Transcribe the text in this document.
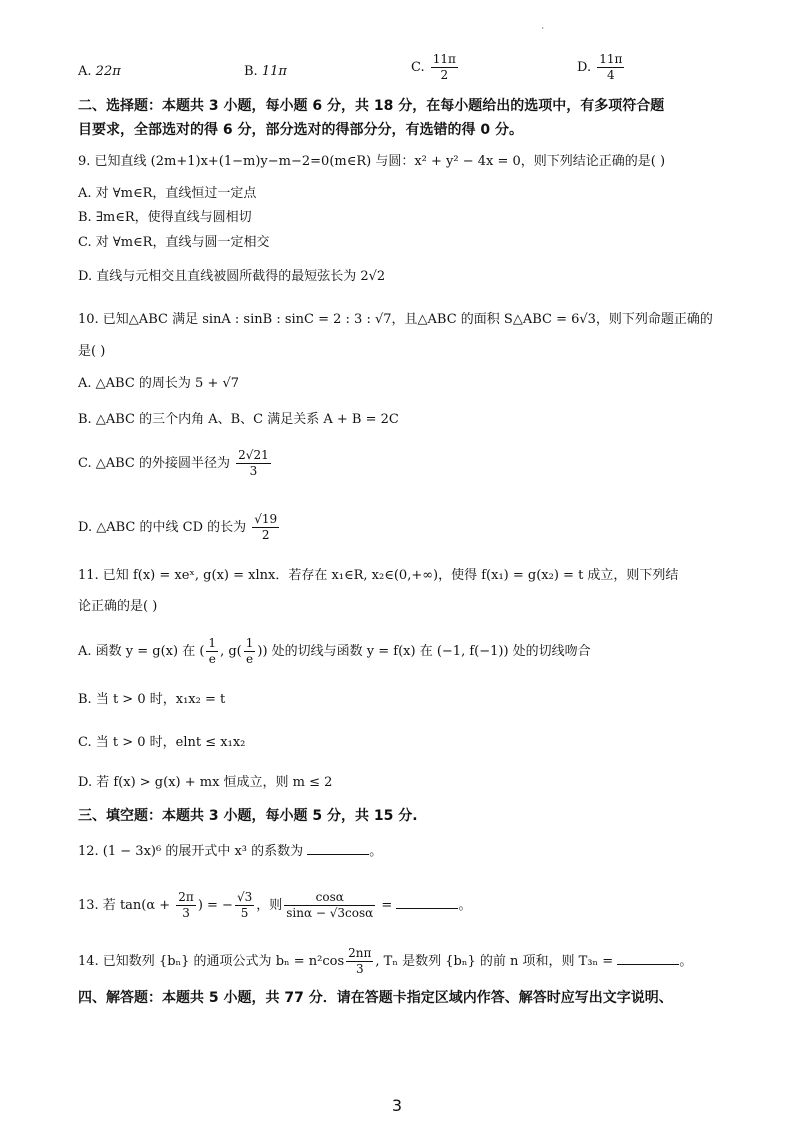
·
A. 22π	B. 11π	C. $\frac{11\pi}{2}$	D. $\frac{11\pi}{4}$
二、选择题：本题共 3 小题，每小题 6 分，共 18 分，在每小题给出的选项中，有多项符合题
目要求，全部选对的得 6 分，部分选对的得部分分，有选错的得 0 分。
9. 已知直线 (2m+1)x+(1−m)y−m−2=0(m∈R) 与圆：x² + y² − 4x = 0，则下列结论正确的是( )
A. 对 ∀m∈R，直线恒过一定点
B. ∃m∈R，使得直线与圆相切
C. 对 ∀m∈R，直线与圆一定相交
D. 直线与元相交且直线被圆所截得的最短弦长为 2√2
10. 已知△ABC 满足 sinA : sinB : sinC = 2 : 3 : √7，且△ABC 的面积 S△ABC = 6√3，则下列命题正确的
是( )
A. △ABC 的周长为 5 + √7
B. △ABC 的三个内角 A、B、C 满足关系 A + B = 2C
C. △ABC 的外接圆半径为 $\frac{2√21}{3}$
D. △ABC 的中线 CD 的长为 $\frac{√19}{2}$
11. 已知 f(x) = xeˣ, g(x) = xlnx．若存在 x₁∈R, x₂∈(0,+∞)，使得 f(x₁) = g(x₂) = t 成立，则下列结
论正确的是( )
A. 函数 y = g(x) 在 ( $\frac{1}{e}$ , $g( \frac{1}{e}$ )) 处的切线与函数 y = f(x) 在 (−1, f(−1)) 处的切线吻合
B. 当 t > 0 时，x₁x₂ = t
C. 当 t > 0 时，elnt ≤ x₁x₂
D. 若 f(x) > g(x) + mx 恒成立，则 m ≤ 2
三、填空题：本题共 3 小题，每小题 5 分，共 15 分.
12. (1 − 3x)⁶ 的展开式中 x³ 的系数为	。
13. 若 $\tan(\alpha + \frac{2\pi}{3}$ ) = − $\frac{√3}{5}$ ，则 $\frac{\cos\alpha}{\sin\alpha - √3\cos\alpha}$ =	。
14. 已知数列 {bₙ} 的通项公式为 $b_n = n^2\cos \frac{2n\pi}{3}$ , Tₙ 是数列 {bₙ} 的前 n 项和，则 T₃ₙ =	。
四、解答题：本题共 5 小题，共 77 分．请在答题卡指定区域内作答、解答时应写出文字说明、
3
